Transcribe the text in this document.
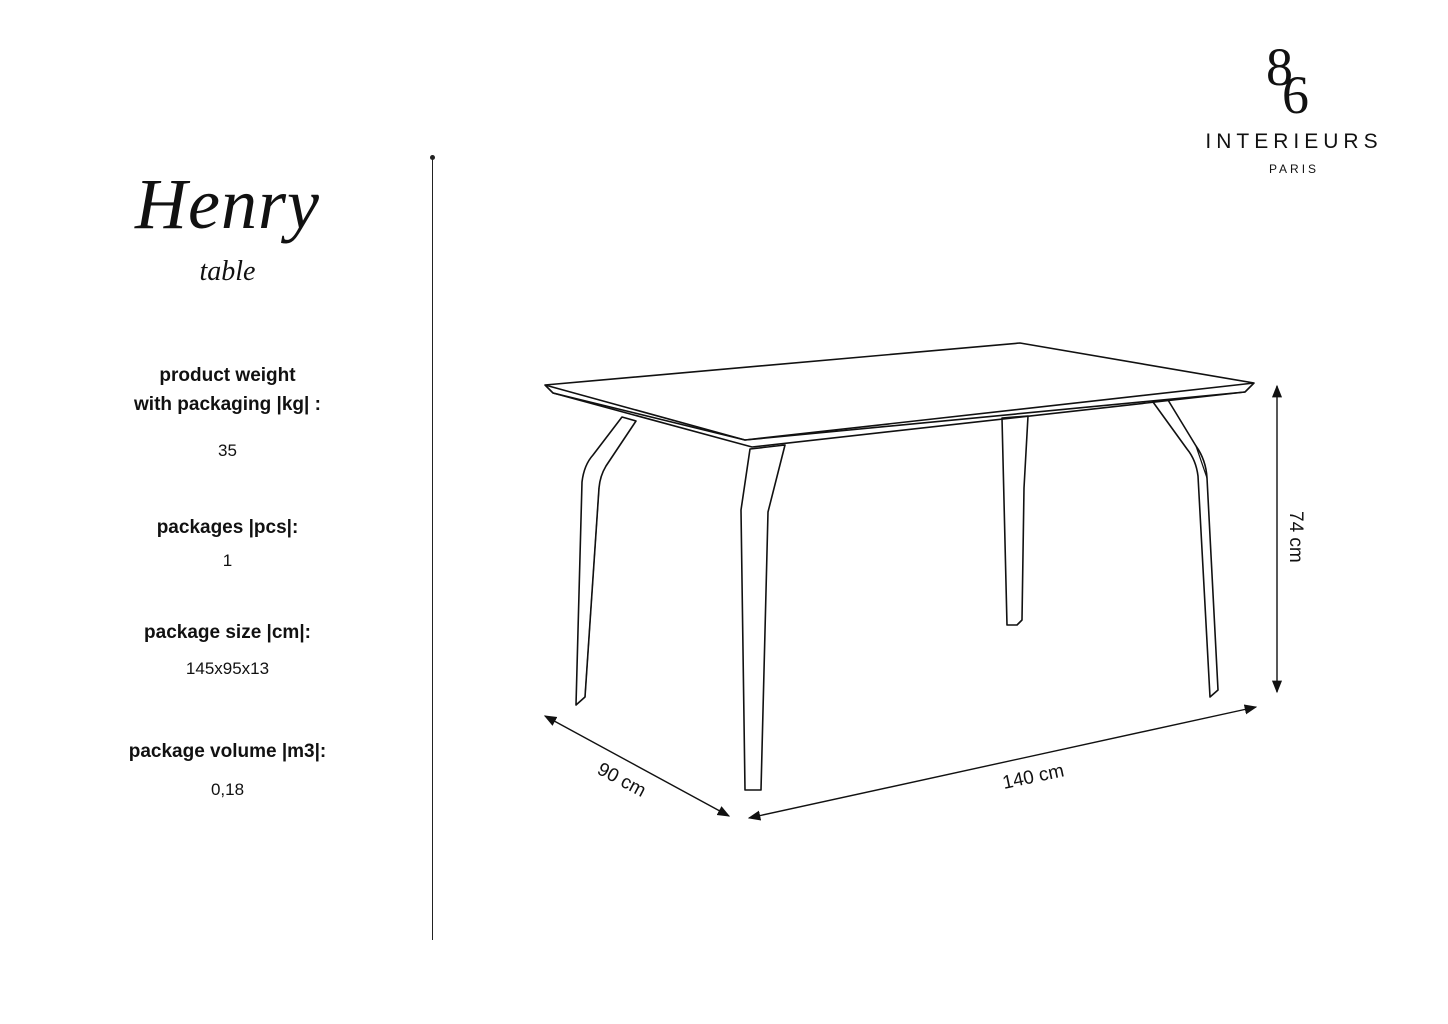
Henry
table
product weight
with packaging |kg| :
35
packages |pcs|:
1
package size |cm|:
145x95x13
package volume |m3|:
0,18
8
6
INTERIEURS
PARIS
90 cm	140 cm
74 cm
